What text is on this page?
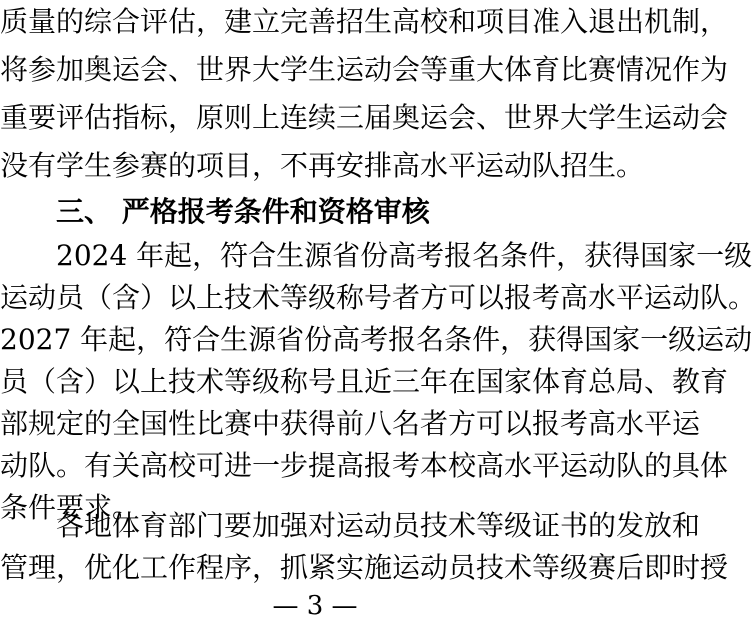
质量的综合评估，建立完善招生高校和项目准入退出机制，
将参加奥运会、世界大学生运动会等重大体育比赛情况作为
重要评估指标，原则上连续三届奥运会、世界大学生运动会
没有学生参赛的项目，不再安排高水平运动队招生。
三、 严格报考条件和资格审核
2024 年起，符合生源省份高考报名条件，获得国家一级
运动员（含）以上技术等级称号者方可以报考高水平运动队。
2027 年起，符合生源省份高考报名条件，获得国家一级运动
员（含）以上技术等级称号且近三年在国家体育总局、教育
部规定的全国性比赛中获得前八名者方可以报考高水平运
动队。有关高校可进一步提高报考本校高水平运动队的具体
条件要求。
各地体育部门要加强对运动员技术等级证书的发放和
管理，优化工作程序，抓紧实施运动员技术等级赛后即时授
— 3 —
